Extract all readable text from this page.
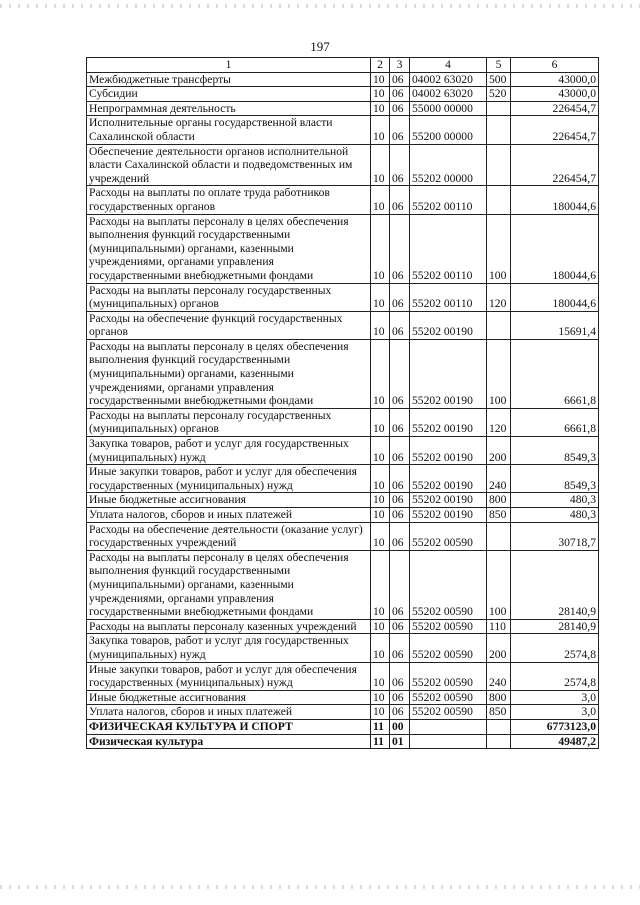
197
1	2	3	4	5	6
Межбюджетные трансферты	10	06	04002 63020	500	43000,0
Субсидии	10	06	04002 63020	520	43000,0
Непрограммная деятельность	10	06	55000 00000		226454,7
Исполнительные органы государственной власти Сахалинской области	10	06	55200 00000		226454,7
Обеспечение деятельности органов исполнительной власти Сахалинской области и подведомственных им учреждений	10	06	55202 00000		226454,7
Расходы на выплаты по оплате труда работников государственных органов	10	06	55202 00110		180044,6
Расходы на выплаты персоналу в целях обеспечения выполнения функций государственными (муниципальными) органами, казенными учреждениями, органами управления государственными внебюджетными фондами	10	06	55202 00110	100	180044,6
Расходы на выплаты персоналу государственных (муниципальных) органов	10	06	55202 00110	120	180044,6
Расходы на обеспечение функций государственных органов	10	06	55202 00190		15691,4
Расходы на выплаты персоналу в целях обеспечения выполнения функций государственными (муниципальными) органами, казенными учреждениями, органами управления государственными внебюджетными фондами	10	06	55202 00190	100	6661,8
Расходы на выплаты персоналу государственных (муниципальных) органов	10	06	55202 00190	120	6661,8
Закупка товаров, работ и услуг для государственных (муниципальных) нужд	10	06	55202 00190	200	8549,3
Иные закупки товаров, работ и услуг для обеспечения государственных (муниципальных) нужд	10	06	55202 00190	240	8549,3
Иные бюджетные ассигнования	10	06	55202 00190	800	480,3
Уплата налогов, сборов и иных платежей	10	06	55202 00190	850	480,3
Расходы на обеспечение деятельности (оказание услуг) государственных учреждений	10	06	55202 00590		30718,7
Расходы на выплаты персоналу в целях обеспечения выполнения функций государственными (муниципальными) органами, казенными учреждениями, органами управления государственными внебюджетными фондами	10	06	55202 00590	100	28140,9
Расходы на выплаты персоналу казенных учреждений	10	06	55202 00590	110	28140,9
Закупка товаров, работ и услуг для государственных (муниципальных) нужд	10	06	55202 00590	200	2574,8
Иные закупки товаров, работ и услуг для обеспечения государственных (муниципальных) нужд	10	06	55202 00590	240	2574,8
Иные бюджетные ассигнования	10	06	55202 00590	800	3,0
Уплата налогов, сборов и иных платежей	10	06	55202 00590	850	3,0
ФИЗИЧЕСКАЯ КУЛЬТУРА И СПОРТ	11	00			6773123,0
Физическая культура	11	01			49487,2
